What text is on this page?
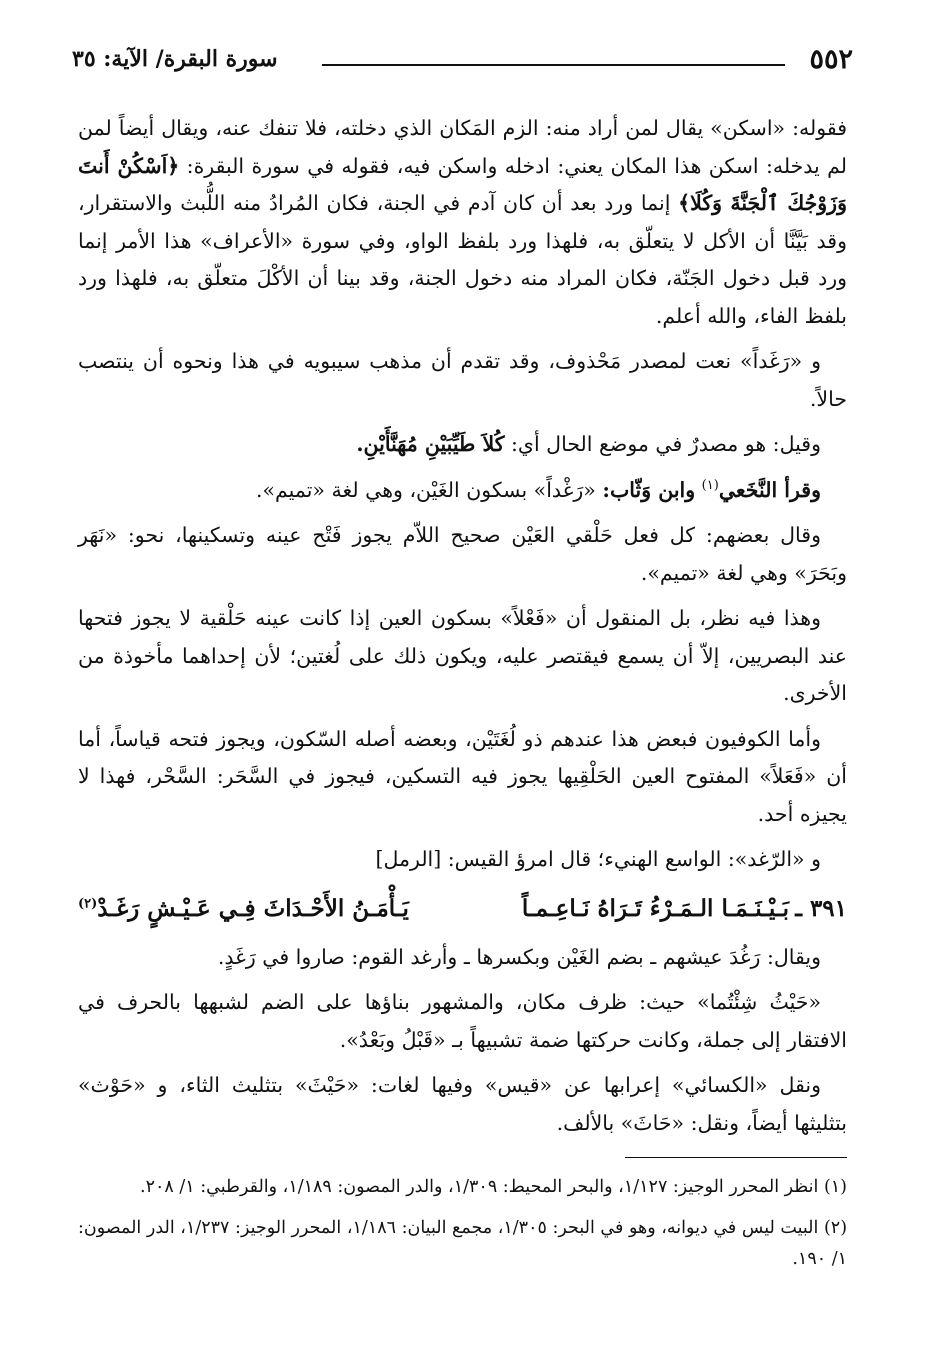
٥٥٢
سورة البقرة/ الآية: ٣٥

فقوله: «اسكن» يقال لمن أراد منه: الزم المَكان الذي دخلته، فلا تنفك عنه، ويقال أيضاً لمن لم يدخله: اسكن هذا المكان يعني: ادخله واسكن فيه، فقوله في سورة البقرة: ﴿اَسْكُنْ أَنتَ وَزَوْجُكَ ٱلْجَنَّةَ وَكُلَا﴾ إنما ورد بعد أن كان آدم في الجنة، فكان المُرادُ منه اللُّبث والاستقرار، وقد بَيَّنَّا أن الأكل لا يتعلّق به، فلهذا ورد بلفظ الواو، وفي سورة «الأعراف» هذا الأمر إنما ورد قبل دخول الجَنّة، فكان المراد منه دخول الجنة، وقد بينا أن الأكْلَ متعلّق به، فلهذا ورد بلفظ الفاء، والله أعلم.

و «رَغَداً» نعت لمصدر مَحْذوف، وقد تقدم أن مذهب سيبويه في هذا ونحوه أن ينتصب حالاً.

وقيل: هو مصدرٌ في موضع الحال أي: كُلاَ طَيِّبَيْنِ مُهَنَّأَيْنِ.

وقرأ النَّخَعي$^{(١)}$ وابن وَثّاب: «رَغْداً» بسكون الغَيْن، وهي لغة «تميم».

وقال بعضهم: كل فعل حَلْقي العَيْن صحيح اللاّم يجوز فَتْح عينه وتسكينها، نحو: «نَهَر وبَحَرَ» وهي لغة «تميم».

وهذا فيه نظر، بل المنقول أن «فَعْلاً» بسكون العين إذا كانت عينه حَلْقية لا يجوز فتحها عند البصريين، إلاّ أن يسمع فيقتصر عليه، ويكون ذلك على لُغتين؛ لأن إحداهما مأخوذة من الأخرى.

وأما الكوفيون فبعض هذا عندهم ذو لُغَتَيْن، وبعضه أصله السّكون، ويجوز فتحه قياساً، أما أن «فَعَلاً» المفتوح العين الحَلْقِيها يجوز فيه التسكين، فيجوز في السَّحَر: السَّحْر، فهذا لا يجيزه أحد.

و «الرّغد»: الواسع الهنيء؛ قال امرؤ القيس: [الرمل]

٣٩١ ـ
بَـيْـنَـمَـا الـمَـرْءُ تَـرَاهُ نَـاعِـمـاً
يَـأْمَـنُ الأَحْـدَاثَ فِـي عَـيْـشٍ رَغَـدْ$^{(٢)}$

ويقال: رَغُدَ عيشهم ـ بضم الغَيْن وبكسرها ـ وأرغد القوم: صاروا في رَغَدٍ.

«حَيْثُ شِئْتُما» حيث: ظرف مكان، والمشهور بناؤها على الضم لشبهها بالحرف في الافتقار إلى جملة، وكانت حركتها ضمة تشبيهاً بـ «قَبْلُ وبَعْدُ».

ونقل «الكسائي» إعرابها عن «قيس» وفيها لغات: «حَيْثَ» بتثليث الثاء، و «حَوْث» بتثليثها أيضاً، ونقل: «حَاثَ» بالألف.

(١) انظر المحرر الوجيز: ١/١٢٧، والبحر المحيط: ١/٣٠٩، والدر المصون: ١/١٨٩، والقرطبي: ١/ ٢٠٨.

(٢) البيت ليس في ديوانه، وهو في البحر: ١/٣٠٥، مجمع البيان: ١/١٨٦، المحرر الوجيز: ١/٢٣٧، الدر المصون: ١/ ١٩٠.
